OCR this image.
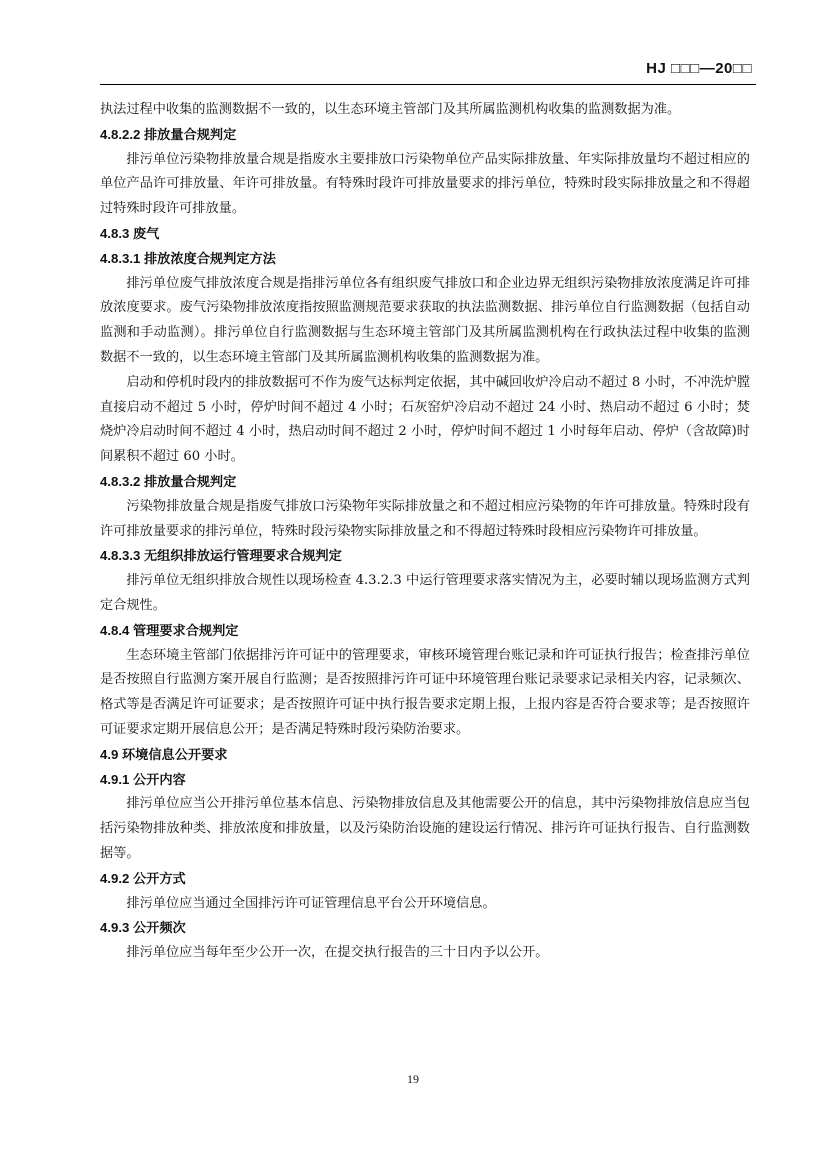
HJ □□□—20□□
执法过程中收集的监测数据不一致的，以生态环境主管部门及其所属监测机构收集的监测数据为准。
4.8.2.2 排放量合规判定
排污单位污染物排放量合规是指废水主要排放口污染物单位产品实际排放量、年实际排放量均不超过相应的单位产品许可排放量、年许可排放量。有特殊时段许可排放量要求的排污单位，特殊时段实际排放量之和不得超过特殊时段许可排放量。
4.8.3 废气
4.8.3.1 排放浓度合规判定方法
排污单位废气排放浓度合规是指排污单位各有组织废气排放口和企业边界无组织污染物排放浓度满足许可排放浓度要求。废气污染物排放浓度指按照监测规范要求获取的执法监测数据、排污单位自行监测数据（包括自动监测和手动监测）。排污单位自行监测数据与生态环境主管部门及其所属监测机构在行政执法过程中收集的监测数据不一致的，以生态环境主管部门及其所属监测机构收集的监测数据为准。
启动和停机时段内的排放数据可不作为废气达标判定依据，其中碱回收炉冷启动不超过 8 小时，不冲洗炉膛直接启动不超过 5 小时，停炉时间不超过 4 小时；石灰窑炉冷启动不超过 24 小时、热启动不超过 6 小时；焚烧炉冷启动时间不超过 4 小时，热启动时间不超过 2 小时，停炉时间不超过 1 小时每年启动、停炉（含故障)时间累积不超过 60 小时。
4.8.3.2 排放量合规判定
污染物排放量合规是指废气排放口污染物年实际排放量之和不超过相应污染物的年许可排放量。特殊时段有许可排放量要求的排污单位，特殊时段污染物实际排放量之和不得超过特殊时段相应污染物许可排放量。
4.8.3.3 无组织排放运行管理要求合规判定
排污单位无组织排放合规性以现场检查 4.3.2.3 中运行管理要求落实情况为主，必要时辅以现场监测方式判定合规性。
4.8.4 管理要求合规判定
生态环境主管部门依据排污许可证中的管理要求，审核环境管理台账记录和许可证执行报告；检查排污单位是否按照自行监测方案开展自行监测；是否按照排污许可证中环境管理台账记录要求记录相关内容，记录频次、格式等是否满足许可证要求；是否按照许可证中执行报告要求定期上报，上报内容是否符合要求等；是否按照许可证要求定期开展信息公开；是否满足特殊时段污染防治要求。
4.9 环境信息公开要求
4.9.1 公开内容
排污单位应当公开排污单位基本信息、污染物排放信息及其他需要公开的信息，其中污染物排放信息应当包括污染物排放种类、排放浓度和排放量，以及污染防治设施的建设运行情况、排污许可证执行报告、自行监测数据等。
4.9.2 公开方式
排污单位应当通过全国排污许可证管理信息平台公开环境信息。
4.9.3 公开频次
排污单位应当每年至少公开一次，在提交执行报告的三十日内予以公开。
19
